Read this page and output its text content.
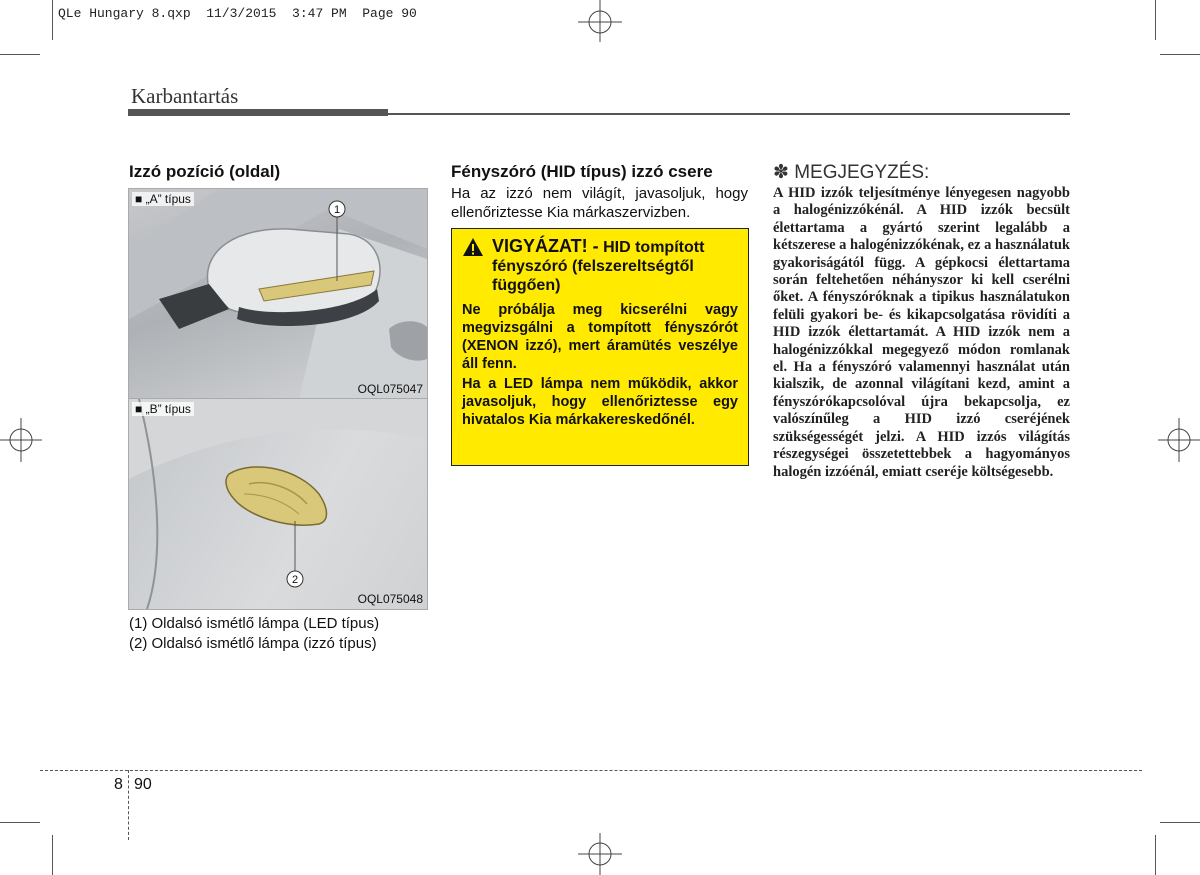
QLe Hungary 8.qxp  11/3/2015  3:47 PM  Page 90
Karbantartás
Izzó pozíció (oldal)
1
■ „A” típus
OQL075047
2
■ „B” típus
OQL075048
(1) Oldalsó ismétlő lámpa (LED típus)
(2) Oldalsó ismétlő lámpa (izzó típus)
Fényszóró (HID típus) izzó csere
Ha az izzó nem világít, javasoljuk, hogy ellenőriztesse Kia márkaszervizben.
VIGYÁZAT! - HID tompított fényszóró (felszereltségtől függően)

Ne próbálja meg kicserélni vagy megvizsgálni a tompított fényszórót (XENON izzó), mert áramütés veszélye áll fenn.

Ha a LED lámpa nem működik, akkor javasoljuk, hogy ellenőriztesse egy hivatalos Kia márkakereskedőnél.

✽ MEGJEGYZÉS:
A HID izzók teljesítménye lényegesen nagyobb a halogénizzókénál. A HID izzók becsült élettartama a gyártó szerint legalább a kétszerese a halogénizzókénak, ez a használatuk gyakoriságától függ. A gépkocsi élettartama során feltehetően néhányszor ki kell cserélni őket. A fényszóróknak a tipikus használatukon felüli gyakori be- és kikapcsolgatása rövidíti a HID izzók élettartamát. A HID izzók nem a halogénizzókkal megegyező módon romlanak el. Ha a fényszóró valamennyi használat után kialszik, de azonnal világítani kezd, amint a fényszórókapcsolóval újra bekapcsolja, ez valószínűleg a HID izzó cseréjének szükségességét jelzi. A HID izzós világítás részegységei összetettebbek a hagyományos halogén izzóénál, emiatt cseréje költségesebb.
8 90
